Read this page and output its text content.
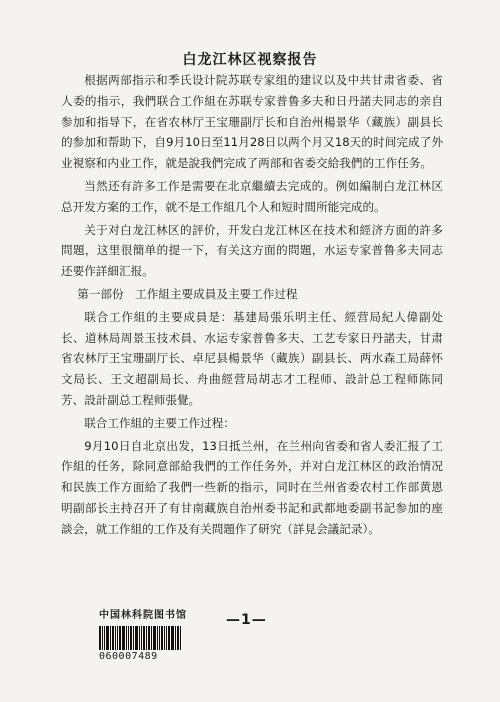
白龙江林区视察报告

根据两部指示和季氏设计院苏联专家组的建议以及中共甘肃省委、省人委的指示，我們联合工作組在苏联专家普鲁多夫和日丹諾夫同志的亲自参加和指导下，在省农林厅王宝珊副厅长和自治州楊景华（藏族）副县长的参加和帮助下，自9月10日至11月28日以两个月又18天的时间完成了外业視察和内业工作，就是說我們完成了两部和省委交給我們的工作任务。

当然还有許多工作是需要在北京繼續去完成的。例如編制白龙江林区总开发方案的工作，就不是工作組几个人和短时間所能完成的。

关于对白龙江林区的評价，开发白龙江林区在技术和經济方面的許多問題，这里很簡单的提一下，有关这方面的問題，水运专家普鲁多夫同志还要作詳細汇报。

第一部份　工作組主要成員及主要工作过程

联合工作組的主要成員是：基建局張乐明主任、經营局紀人偉副处长、道林局周景玉技术員、水运专家普鲁多夫、工艺专家日丹諾夫，甘肃省农林厅王宝珊副厅长、卓尼县楊景华（藏族）副县长、两水森工局薛怀文局长、王文超副局长、舟曲經营局胡志才工程师、設計总工程师陈同芳、設計副总工程师張覺。

联合工作組的主要工作过程：

9月10日自北京出发，13日抵兰州，在兰州向省委和省人委汇报了工作組的任务，除同意部給我們的工作任务外，并对白龙江林区的政治情况和民族工作方面給了我們一些新的指示，同时在兰州省委农村工作部黄恩明副部长主持召开了有甘南藏族自治州委书記和武都地委副书記参加的座談会，就工作組的工作及有关問題作了研究（詳見会議記录）。

中国林科院图书馆
060007489
—1—
